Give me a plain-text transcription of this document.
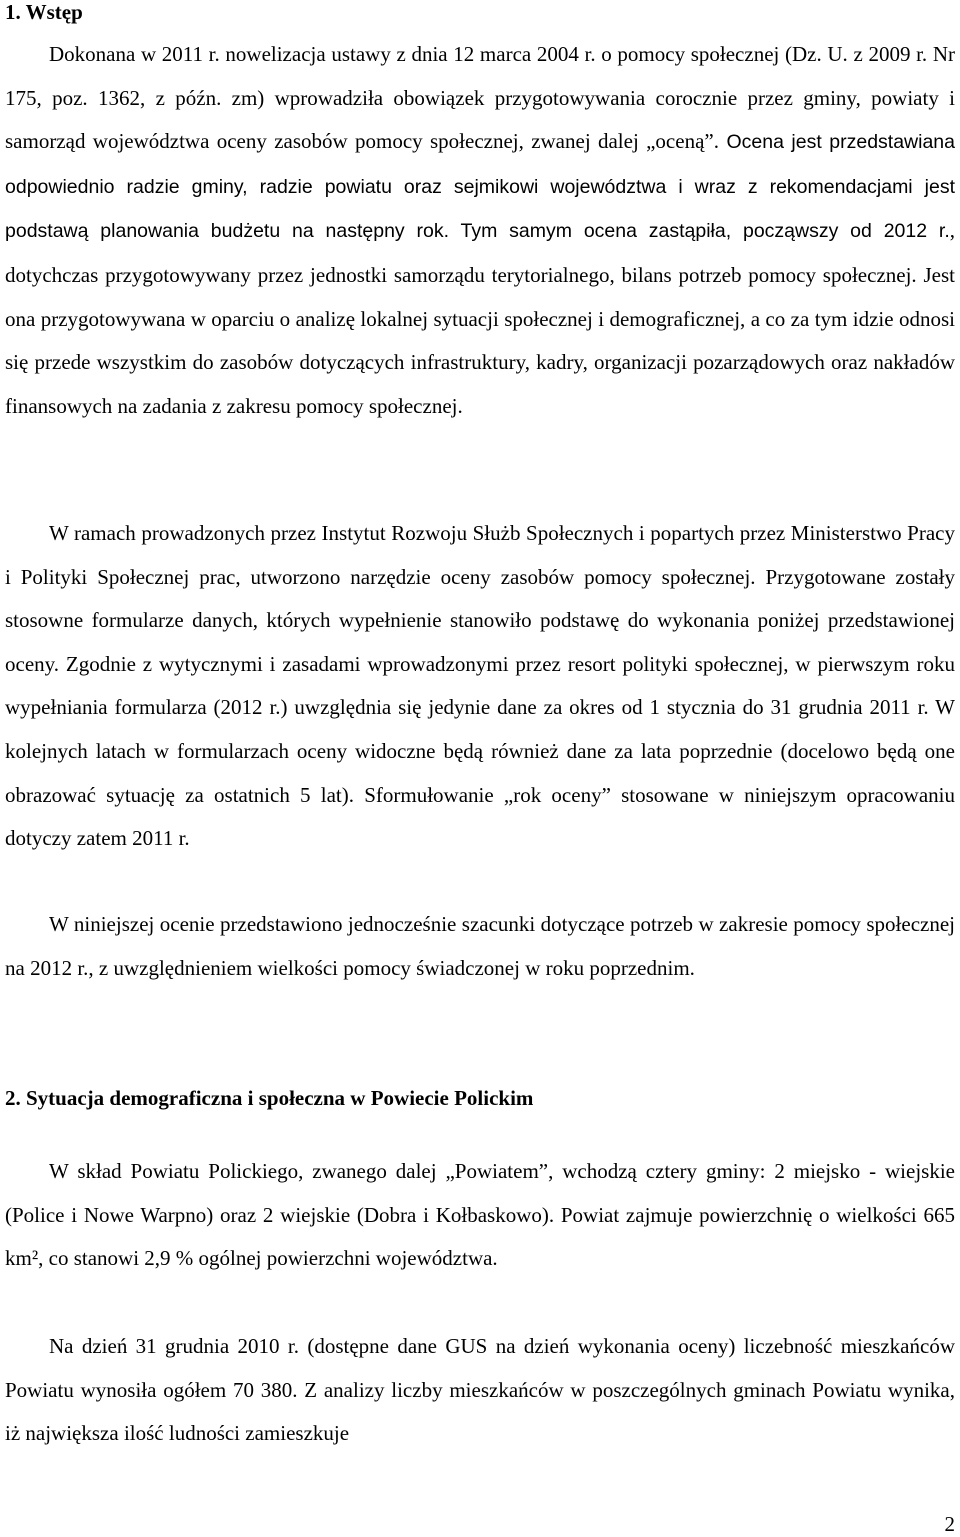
1. Wstęp

Dokonana w 2011 r. nowelizacja ustawy z dnia 12 marca 2004 r. o pomocy społecznej (Dz. U. z 2009 r. Nr 175, poz. 1362, z późn. zm) wprowadziła obowiązek przygotowywania corocznie przez gminy, powiaty i samorząd województwa oceny zasobów pomocy społecznej, zwanej dalej „oceną”. Ocena jest przedstawiana odpowiednio radzie gminy, radzie powiatu oraz sejmikowi województwa i wraz z rekomendacjami jest podstawą planowania budżetu na następny rok. Tym samym ocena zastąpiła, począwszy od 2012 r., dotychczas przygotowywany przez jednostki samorządu terytorialnego, bilans potrzeb pomocy społecznej. Jest ona przygotowywana w oparciu o analizę lokalnej sytuacji społecznej i demograficznej, a co za tym idzie odnosi się przede wszystkim do zasobów dotyczących infrastruktury, kadry, organizacji pozarządowych oraz nakładów finansowych na zadania z zakresu pomocy społecznej.

W ramach prowadzonych przez Instytut Rozwoju Służb Społecznych i popartych przez Ministerstwo Pracy i Polityki Społecznej prac, utworzono narzędzie oceny zasobów pomocy społecznej. Przygotowane zostały stosowne formularze danych, których wypełnienie stanowiło podstawę do wykonania poniżej przedstawionej oceny. Zgodnie z wytycznymi i zasadami wprowadzonymi przez resort polityki społecznej, w pierwszym roku wypełniania formularza (2012 r.) uwzględnia się jedynie dane za okres od 1 stycznia do 31 grudnia 2011 r. W kolejnych latach w formularzach oceny widoczne będą również dane za lata poprzednie (docelowo będą one obrazować sytuację za ostatnich 5 lat). Sformułowanie „rok oceny” stosowane w niniejszym opracowaniu dotyczy zatem 2011 r.

W niniejszej ocenie przedstawiono jednocześnie szacunki dotyczące potrzeb w zakresie pomocy społecznej na 2012 r., z uwzględnieniem wielkości pomocy świadczonej w roku poprzednim.

2. Sytuacja demograficzna i społeczna w Powiecie Polickim

W skład Powiatu Polickiego, zwanego dalej „Powiatem”, wchodzą cztery gminy: 2 miejsko - wiejskie (Police i Nowe Warpno) oraz 2 wiejskie (Dobra i Kołbaskowo). Powiat zajmuje powierzchnię o wielkości 665 km², co stanowi 2,9 % ogólnej powierzchni województwa.

Na dzień 31 grudnia 2010 r. (dostępne dane GUS na dzień wykonania oceny) liczebność mieszkańców Powiatu wynosiła ogółem 70 380. Z analizy liczby mieszkańców w poszczególnych gminach Powiatu wynika, iż największa ilość ludności zamieszkuje

2
